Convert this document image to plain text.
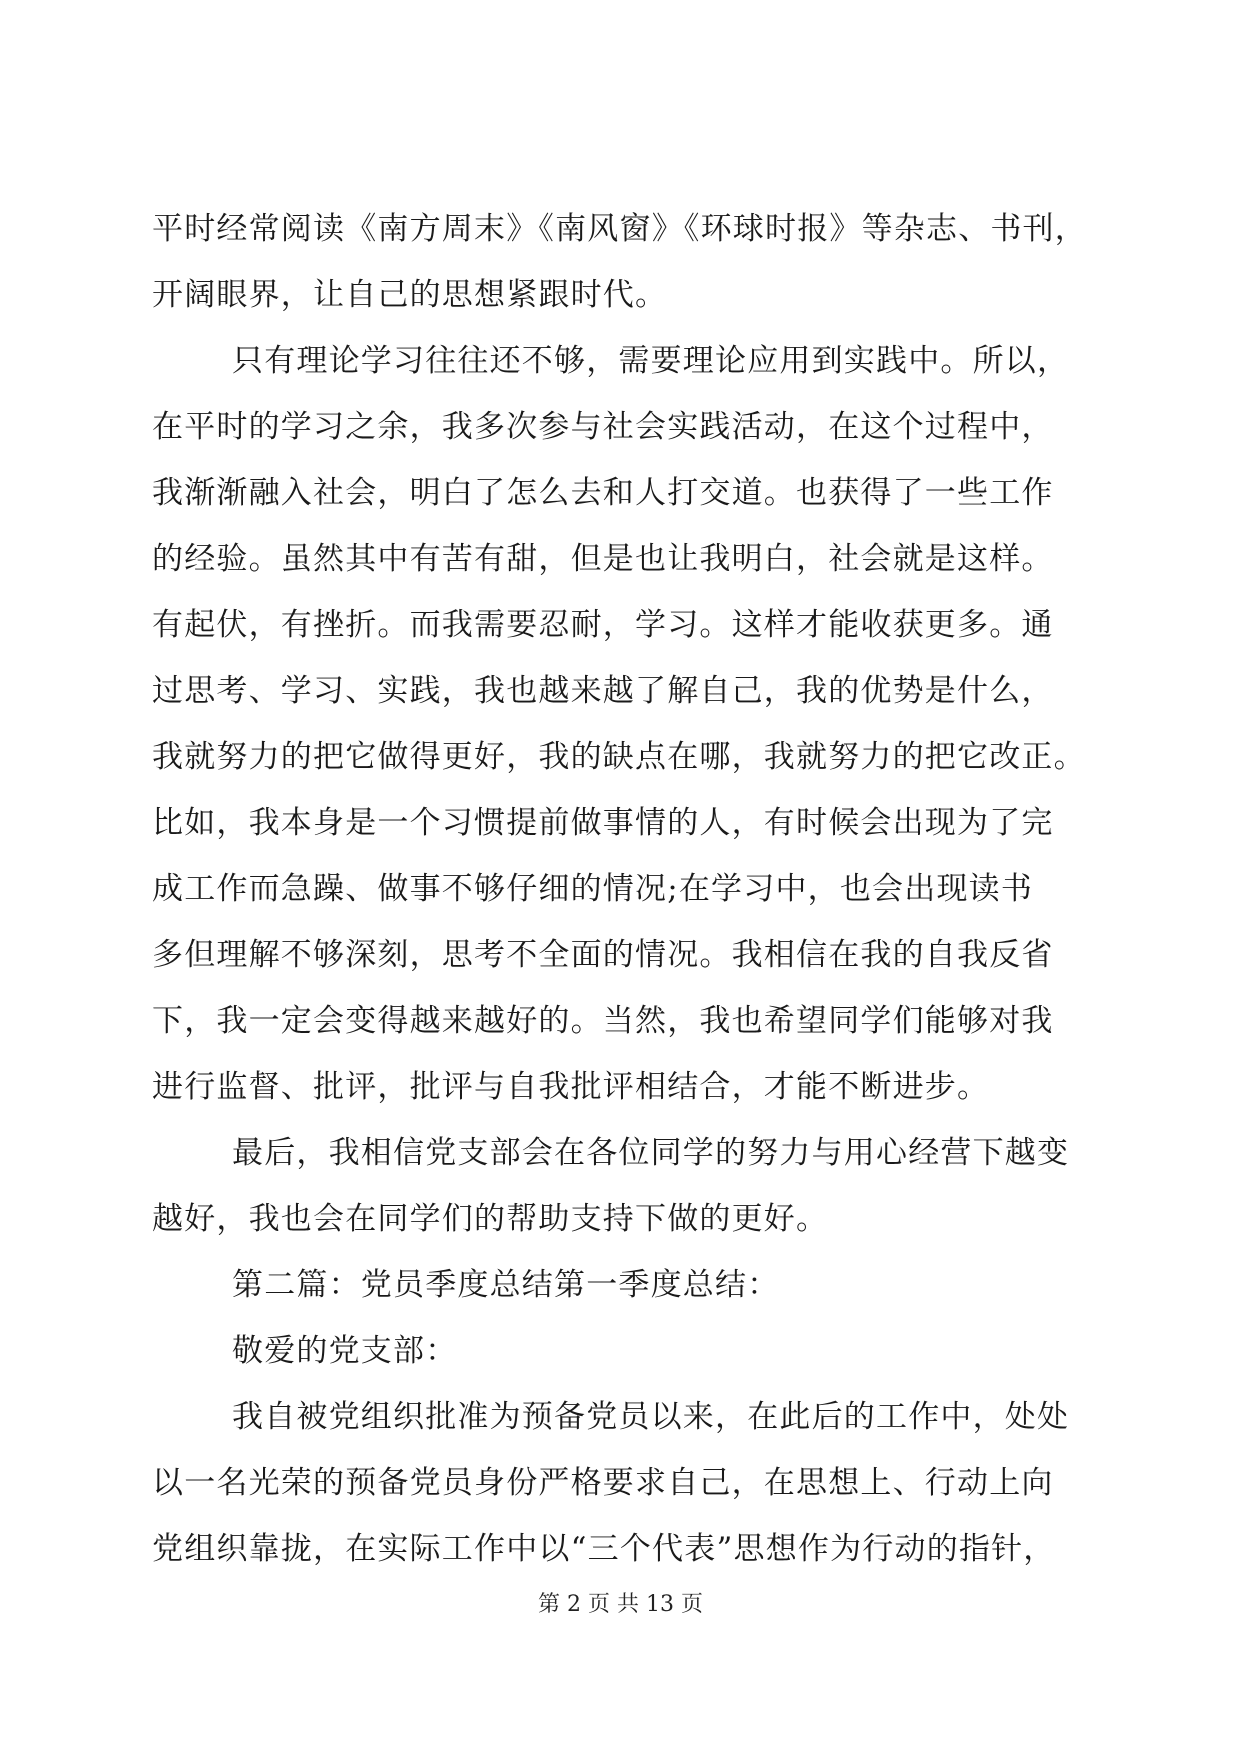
平时经常阅读《南方周末》《南风窗》《环球时报》等杂志、书刊，
开阔眼界，让自己的思想紧跟时代。
只有理论学习往往还不够，需要理论应用到实践中。所以，
在平时的学习之余，我多次参与社会实践活动，在这个过程中，
我渐渐融入社会，明白了怎么去和人打交道。也获得了一些工作
的经验。虽然其中有苦有甜，但是也让我明白，社会就是这样。
有起伏，有挫折。而我需要忍耐，学习。这样才能收获更多。通
过思考、学习、实践，我也越来越了解自己，我的优势是什么，
我就努力的把它做得更好，我的缺点在哪，我就努力的把它改正。
比如，我本身是一个习惯提前做事情的人，有时候会出现为了完
成工作而急躁、做事不够仔细的情况;在学习中，也会出现读书
多但理解不够深刻，思考不全面的情况。我相信在我的自我反省
下，我一定会变得越来越好的。当然，我也希望同学们能够对我
进行监督、批评，批评与自我批评相结合，才能不断进步。
最后，我相信党支部会在各位同学的努力与用心经营下越变
越好，我也会在同学们的帮助支持下做的更好。
第二篇：党员季度总结第一季度总结：
敬爱的党支部：
我自被党组织批准为预备党员以来，在此后的工作中，处处
以一名光荣的预备党员身份严格要求自己，在思想上、行动上向
党组织靠拢，在实际工作中以“三个代表”思想作为行动的指针，
第 2 页 共 13 页
